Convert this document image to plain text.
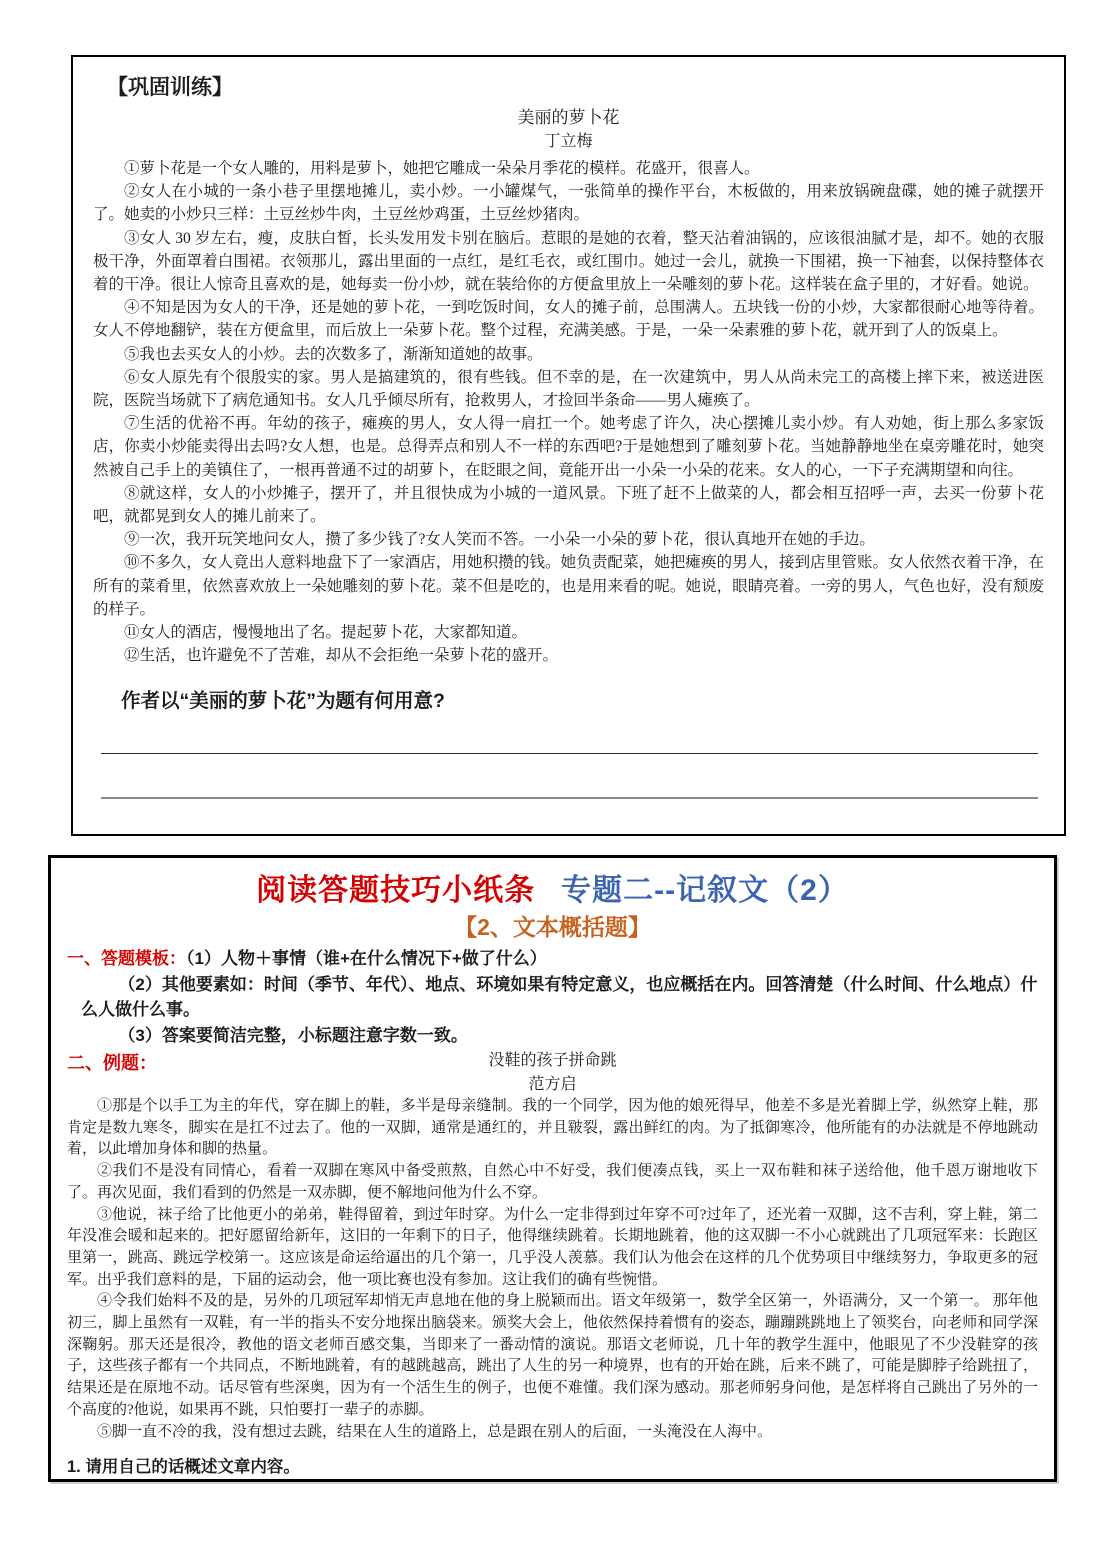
【巩固训练】
美丽的萝卜花
丁立梅

①萝卜花是一个女人雕的，用料是萝卜，她把它雕成一朵朵月季花的模样。花盛开，很喜人。

②女人在小城的一条小巷子里摆地摊儿，卖小炒。一小罐煤气，一张简单的操作平台，木板做的，用来放锅碗盘碟，她的摊子就摆开了。她卖的小炒只三样：土豆丝炒牛肉，土豆丝炒鸡蛋，土豆丝炒猪肉。

③女人 30 岁左右，瘦，皮肤白皙，长头发用发卡别在脑后。惹眼的是她的衣着，整天沾着油锅的，应该很油腻才是，却不。她的衣服极干净，外面罩着白围裙。衣领那儿，露出里面的一点红，是红毛衣，或红围巾。她过一会儿，就换一下围裙，换一下袖套，以保持整体衣着的干净。很让人惊奇且喜欢的是，她每卖一份小炒，就在装给你的方便盒里放上一朵雕刻的萝卜花。这样装在盒子里的，才好看。她说。

④不知是因为女人的干净，还是她的萝卜花，一到吃饭时间，女人的摊子前，总围满人。五块钱一份的小炒，大家都很耐心地等待着。女人不停地翻铲，装在方便盒里，而后放上一朵萝卜花。整个过程，充满美感。于是，一朵一朵素雅的萝卜花，就开到了人的饭桌上。

⑤我也去买女人的小炒。去的次数多了，渐渐知道她的故事。

⑥女人原先有个很殷实的家。男人是搞建筑的，很有些钱。但不幸的是，在一次建筑中，男人从尚未完工的高楼上摔下来，被送进医院，医院当场就下了病危通知书。女人几乎倾尽所有，抢救男人，才捡回半条命——男人瘫痪了。

⑦生活的优裕不再。年幼的孩子，瘫痪的男人，女人得一肩扛一个。她考虑了许久，决心摆摊儿卖小炒。有人劝她，街上那么多家饭店，你卖小炒能卖得出去吗?女人想，也是。总得弄点和别人不一样的东西吧?于是她想到了雕刻萝卜花。当她静静地坐在桌旁雕花时，她突然被自己手上的美镇住了，一根再普通不过的胡萝卜，在眨眼之间，竟能开出一小朵一小朵的花来。女人的心，一下子充满期望和向往。

⑧就这样，女人的小炒摊子，摆开了，并且很快成为小城的一道风景。下班了赶不上做菜的人，都会相互招呼一声，去买一份萝卜花吧，就都晃到女人的摊儿前来了。

⑨一次，我开玩笑地问女人，攒了多少钱了?女人笑而不答。一小朵一小朵的萝卜花，很认真地开在她的手边。

⑩不多久，女人竟出人意料地盘下了一家酒店，用她积攒的钱。她负责配菜，她把瘫痪的男人，接到店里管账。女人依然衣着干净，在所有的菜肴里，依然喜欢放上一朵她雕刻的萝卜花。菜不但是吃的，也是用来看的呢。她说，眼睛亮着。一旁的男人，气色也好，没有颓废的样子。

⑪女人的酒店，慢慢地出了名。提起萝卜花，大家都知道。

⑫生活，也许避免不了苦难，却从不会拒绝一朵萝卜花的盛开。

作者以“美丽的萝卜花”为题有何用意?
阅读答题技巧小纸条 专题二--记叙文（2）
【2、文本概括题】
一、答题模板：（1）人物＋事情（谁+在什么情况下+做了什么）
（2）其他要素如：时间（季节、年代）、地点、环境如果有特定意义，也应概括在内。回答清楚（什么时间、什么地点）什么人做什么事。
（3）答案要简洁完整，小标题注意字数一致。
二、例题：	没鞋的孩子拼命跳
范方启

①那是个以手工为主的年代，穿在脚上的鞋，多半是母亲缝制。我的一个同学，因为他的娘死得早，他差不多是光着脚上学，纵然穿上鞋，那肯定是数九寒冬，脚实在是扛不过去了。他的一双脚，通常是通红的，并且皲裂，露出鲜红的肉。为了抵御寒冷，他所能有的办法就是不停地跳动着，以此增加身体和脚的热量。

②我们不是没有同情心，看着一双脚在寒风中备受煎熬，自然心中不好受，我们便凑点钱，买上一双布鞋和袜子送给他，他千恩万谢地收下了。再次见面，我们看到的仍然是一双赤脚，便不解地问他为什么不穿。

③他说，袜子给了比他更小的弟弟，鞋得留着，到过年时穿。为什么一定非得到过年穿不可?过年了，还光着一双脚，这不吉利，穿上鞋，第二年没准会暖和起来的。把好愿留给新年，这旧的一年剩下的日子，他得继续跳着。长期地跳着，他的这双脚一不小心就跳出了几项冠军来：长跑区里第一，跳高、跳远学校第一。这应该是命运给逼出的几个第一，几乎没人羡慕。我们认为他会在这样的几个优势项目中继续努力，争取更多的冠军。出乎我们意料的是，下届的运动会，他一项比赛也没有参加。这让我们的确有些惋惜。

④令我们始料不及的是，另外的几项冠军却悄无声息地在他的身上脱颖而出。语文年级第一，数学全区第一，外语满分，又一个第一。 那年他初三，脚上虽然有一双鞋，有一半的指头不安分地探出脑袋来。颁奖大会上，他依然保持着惯有的姿态，蹦蹦跳跳地上了领奖台，向老师和同学深深鞠躬。那天还是很冷，教他的语文老师百感交集，当即来了一番动情的演说。那语文老师说，几十年的教学生涯中，他眼见了不少没鞋穿的孩子，这些孩子都有一个共同点，不断地跳着，有的越跳越高，跳出了人生的另一种境界，也有的开始在跳，后来不跳了，可能是脚脖子给跳扭了，结果还是在原地不动。话尽管有些深奥，因为有一个活生生的例子，也便不难懂。我们深为感动。那老师躬身问他，是怎样将自己跳出了另外的一个高度的?他说，如果再不跳，只怕要打一辈子的赤脚。

⑤脚一直不冷的我，没有想过去跳，结果在人生的道路上，总是跟在别人的后面，一头淹没在人海中。

1. 请用自己的话概述文章内容。
